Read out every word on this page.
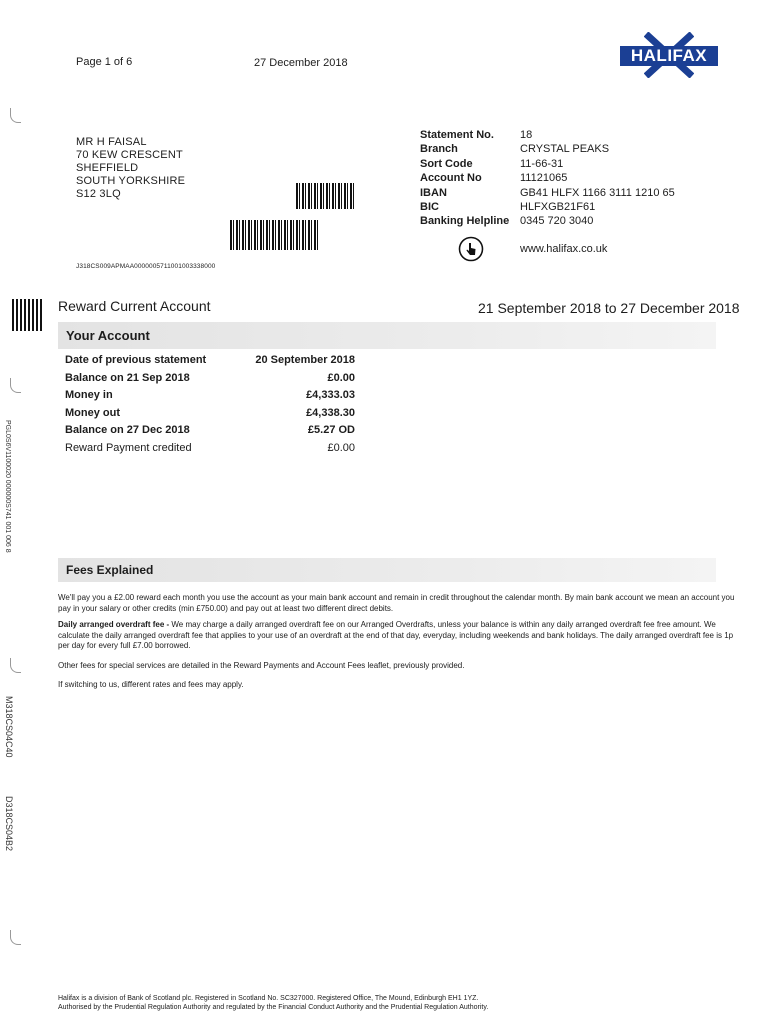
Page 1 of 6	27 December 2018	HALIFAX
MR H FAISAL
70 KEW CRESCENT
SHEFFIELD
SOUTH YORKSHIRE
S12 3LQ
J318CS009APMAA0000005711001003338000
Statement No.	18
Branch	CRYSTAL PEAKS
Sort Code	11-66-31
Account No	11121065
IBAN	GB41 HLFX 1166 3111 1210 65
BIC	HLFXGB21F61
Banking Helpline 0345 720 3040
www.halifax.co.uk
Reward Current Account	21 September 2018 to 27 December 2018
Your Account
Date of previous statement	20 September 2018
Balance on 21 Sep 2018	£0.00
Money in	£4,333.03
Money out	£4,338.30
Balance on 27 Dec 2018	£5.27 OD
Reward Payment credited	£0.00
Fees Explained
We'll pay you a £2.00 reward each month you use the account as your main bank account and remain in credit throughout the calendar month. By main bank account we mean an account you pay in your salary or other credits (min £750.00) and pay out at least two different direct debits.
Daily arranged overdraft fee - We may charge a daily arranged overdraft fee on our Arranged Overdrafts, unless your balance is within any daily arranged overdraft fee free amount. We calculate the daily arranged overdraft fee that applies to your use of an overdraft at the end of that day, everyday, including weekends and bank holidays. The daily arranged overdraft fee is 1p per day for every full £7.00 borrowed.
Other fees for special services are detailed in the Reward Payments and Account Fees leaflet, previously provided.
If switching to us, different rates and fees may apply.
PGL0S6V1100020 000000S741 001 006 8
M318CS04C40
D318CS04B2
Halifax is a division of Bank of Scotland plc. Registered in Scotland No. SC327000. Registered Office, The Mound, Edinburgh EH1 1YZ.
Authorised by the Prudential Regulation Authority and regulated by the Financial Conduct Authority and the Prudential Regulation Authority.
